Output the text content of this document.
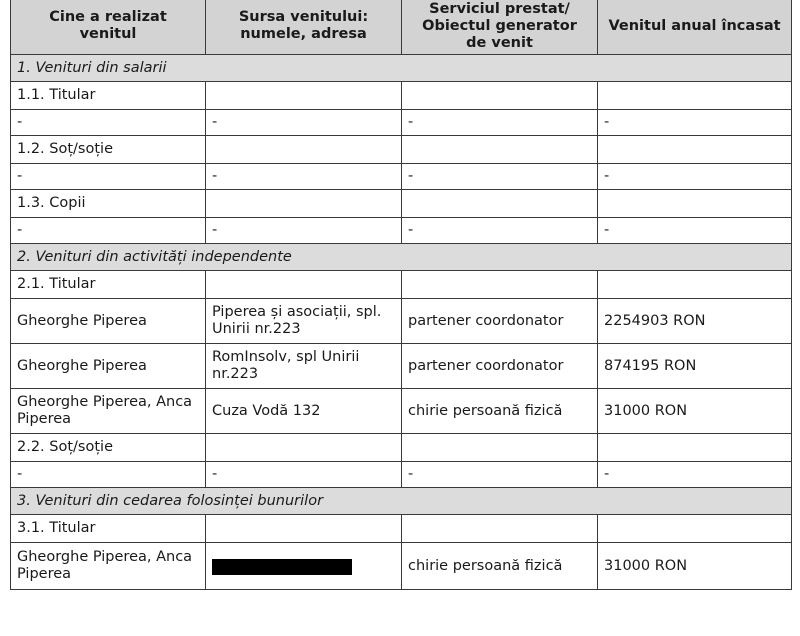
Cine a realizat venitul	Sursa venitului: numele, adresa	Serviciul prestat/ Obiectul generator de venit	Venitul anual încasat
1. Venituri din salarii			
1.1. Titular			
-	-	-	-
1.2. Soț/soție			
-	-	-	-
1.3. Copii			
-	-	-	-
2. Venituri din activități independente			
2.1. Titular			
Gheorghe Piperea	Piperea și asociații, spl. Unirii nr.223	partener coordonator	2254903 RON
Gheorghe Piperea	RomInsolv, spl Unirii nr.223	partener coordonator	874195 RON
Gheorghe Piperea, Anca Piperea	Cuza Vodă 132	chirie persoană fizică	31000 RON
2.2. Soț/soție			
-	-	-	-
3. Venituri din cedarea folosinței bunurilor			
3.1. Titular			
Gheorghe Piperea, Anca Piperea		chirie persoană fizică	31000 RON
